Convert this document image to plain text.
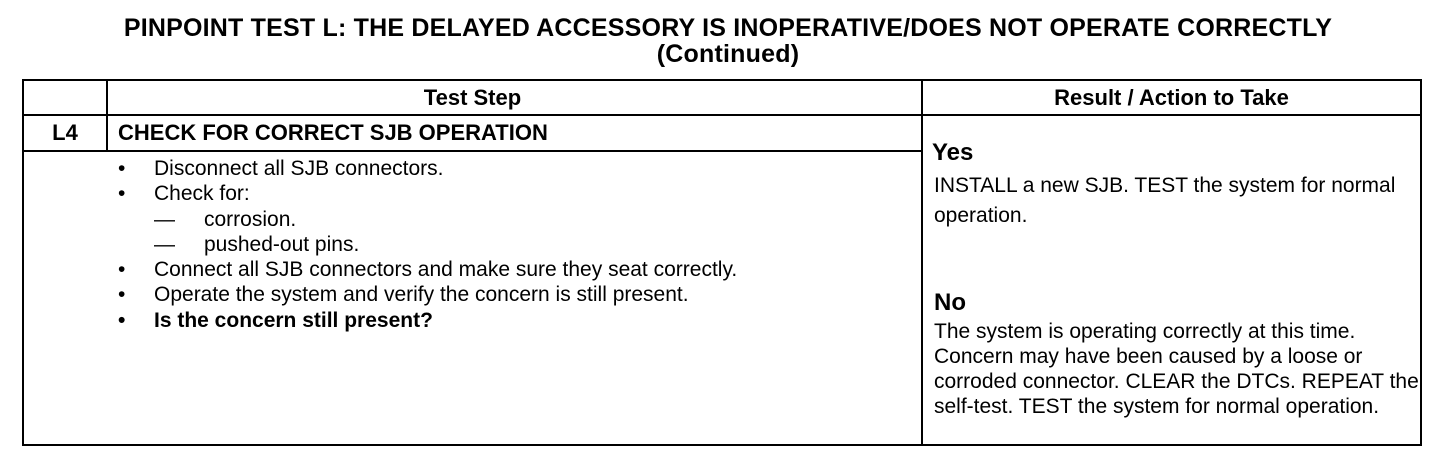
PINPOINT TEST L: THE DELAYED ACCESSORY IS INOPERATIVE/DOES NOT OPERATE CORRECTLY
(Continued)
Test Step	Result / Action to Take
L4	CHECK FOR CORRECT SJB OPERATION
• Disconnect all SJB connectors.
• Check for:
— corrosion.
— pushed-out pins.
• Connect all SJB connectors and make sure they seat correctly.
• Operate the system and verify the concern is still present.
• Is the concern still present?
Yes
INSTALL a new SJB. TEST the system for normal operation.
No
The system is operating correctly at this time. Concern may have been caused by a loose or corroded connector. CLEAR the DTCs. REPEAT the self-test. TEST the system for normal operation.
